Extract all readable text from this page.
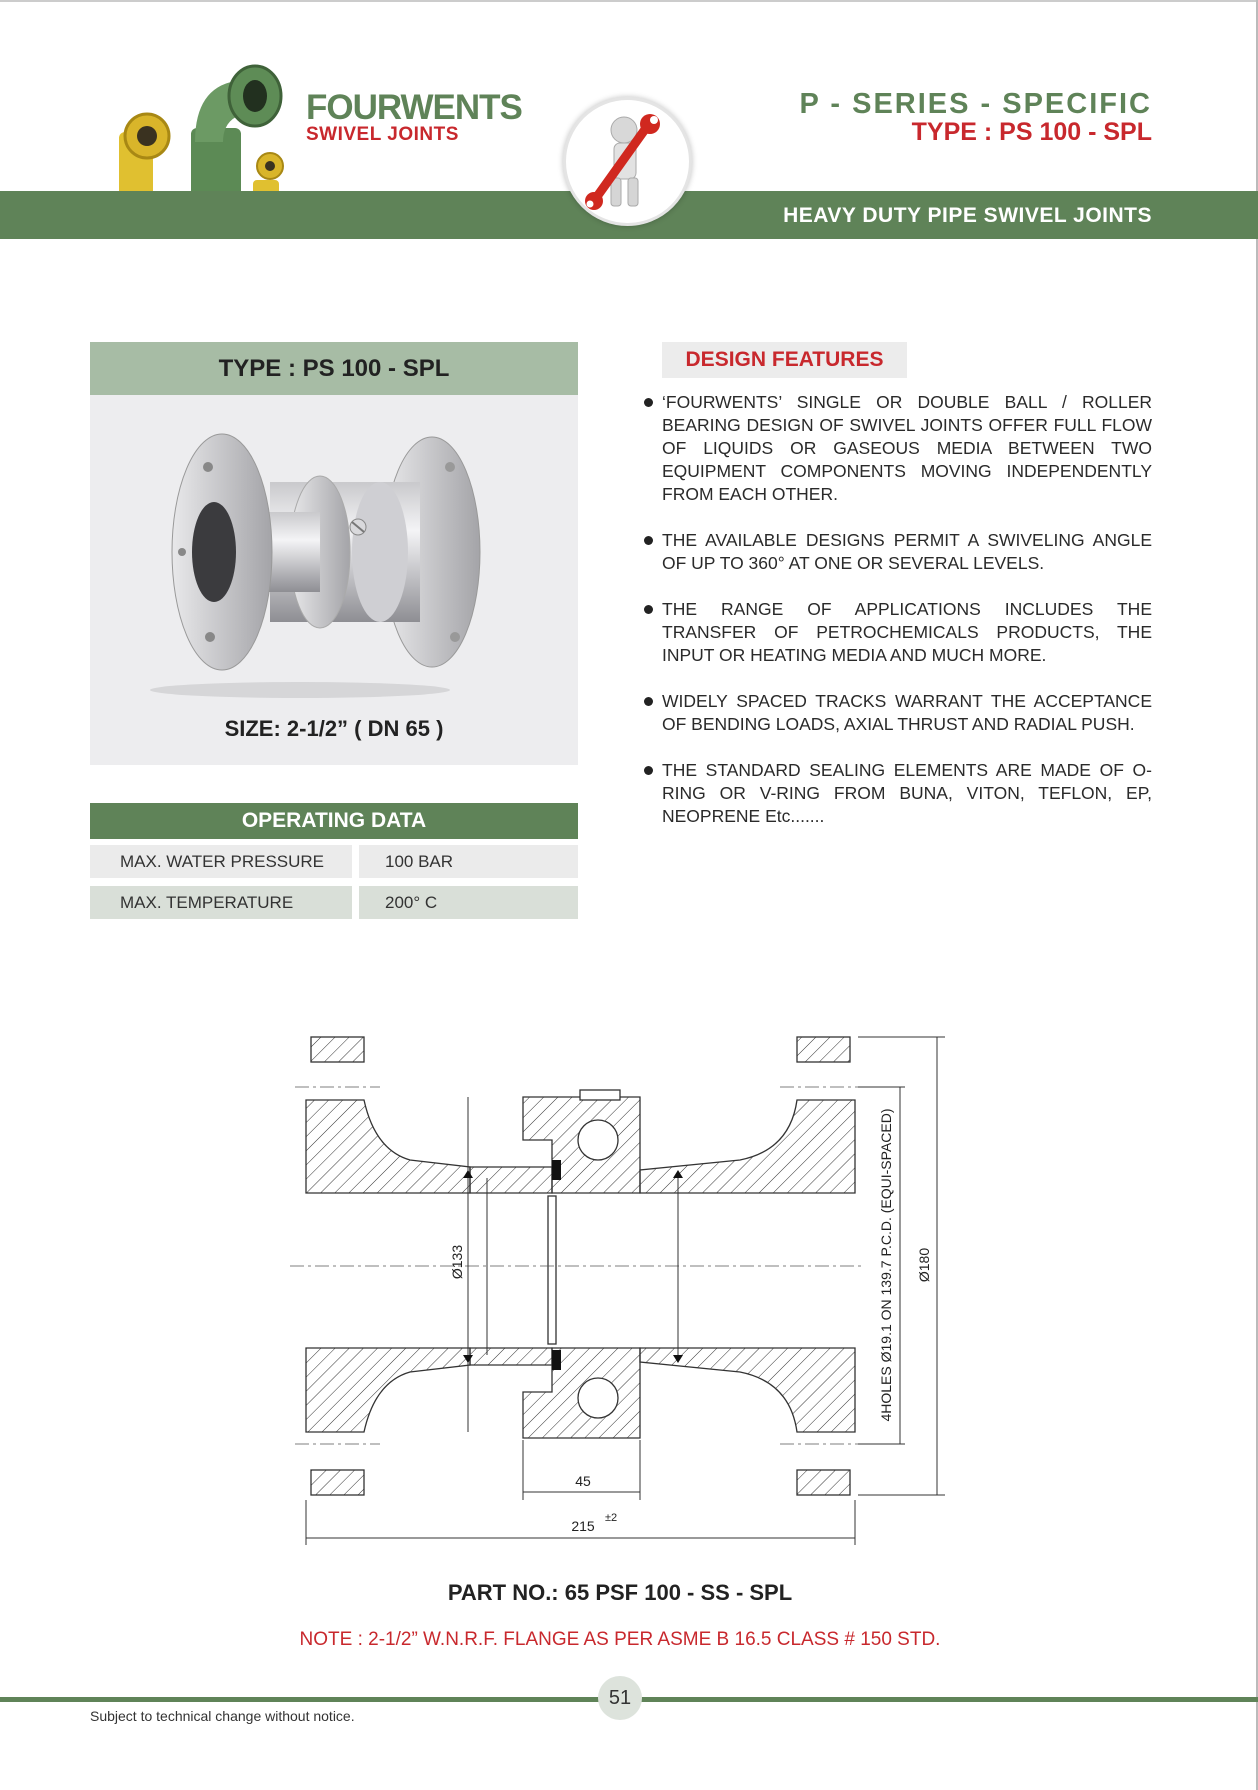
FOURWENTS
SWIVEL JOINTS
HEAVY DUTY PIPE SWIVEL JOINTS
P - SERIES - SPECIFIC
TYPE : PS 100 - SPL
TYPE : PS 100 - SPL
SIZE: 2-1/2” ( DN 65 )
OPERATING DATA
MAX. WATER PRESSURE	100 BAR
MAX. TEMPERATURE	200° C
DESIGN FEATURES
‘FOURWENTS’ SINGLE OR DOUBLE BALL / ROLLER BEARING DESIGN OF SWIVEL JOINTS OFFER FULL FLOW OF LIQUIDS OR GASEOUS MEDIA BETWEEN TWO EQUIPMENT COMPONENTS MOVING INDEPENDENTLY FROM EACH OTHER.
THE AVAILABLE DESIGNS PERMIT A SWIVELING ANGLE OF UP TO 360° AT ONE OR SEVERAL LEVELS.
THE RANGE OF APPLICATIONS INCLUDES THE TRANSFER OF PETROCHEMICALS PRODUCTS, THE INPUT OR HEATING MEDIA AND MUCH MORE.
WIDELY SPACED TRACKS WARRANT THE ACCEPTANCE OF BENDING LOADS, AXIAL THRUST AND RADIAL PUSH.
THE STANDARD SEALING ELEMENTS ARE MADE OF O-RING OR V-RING FROM BUNA, VITON, TEFLON, EP, NEOPRENE Etc.......
Ø133	Ø180
4HOLES Ø19.1 ON 139.7 P.C.D. (EQUI-SPACED)
45
215 ±2
PART NO.: 65 PSF 100 - SS - SPL
NOTE : 2-1/2” W.N.R.F. FLANGE AS PER ASME B 16.5 CLASS # 150 STD.
51
Subject to technical change without notice.
